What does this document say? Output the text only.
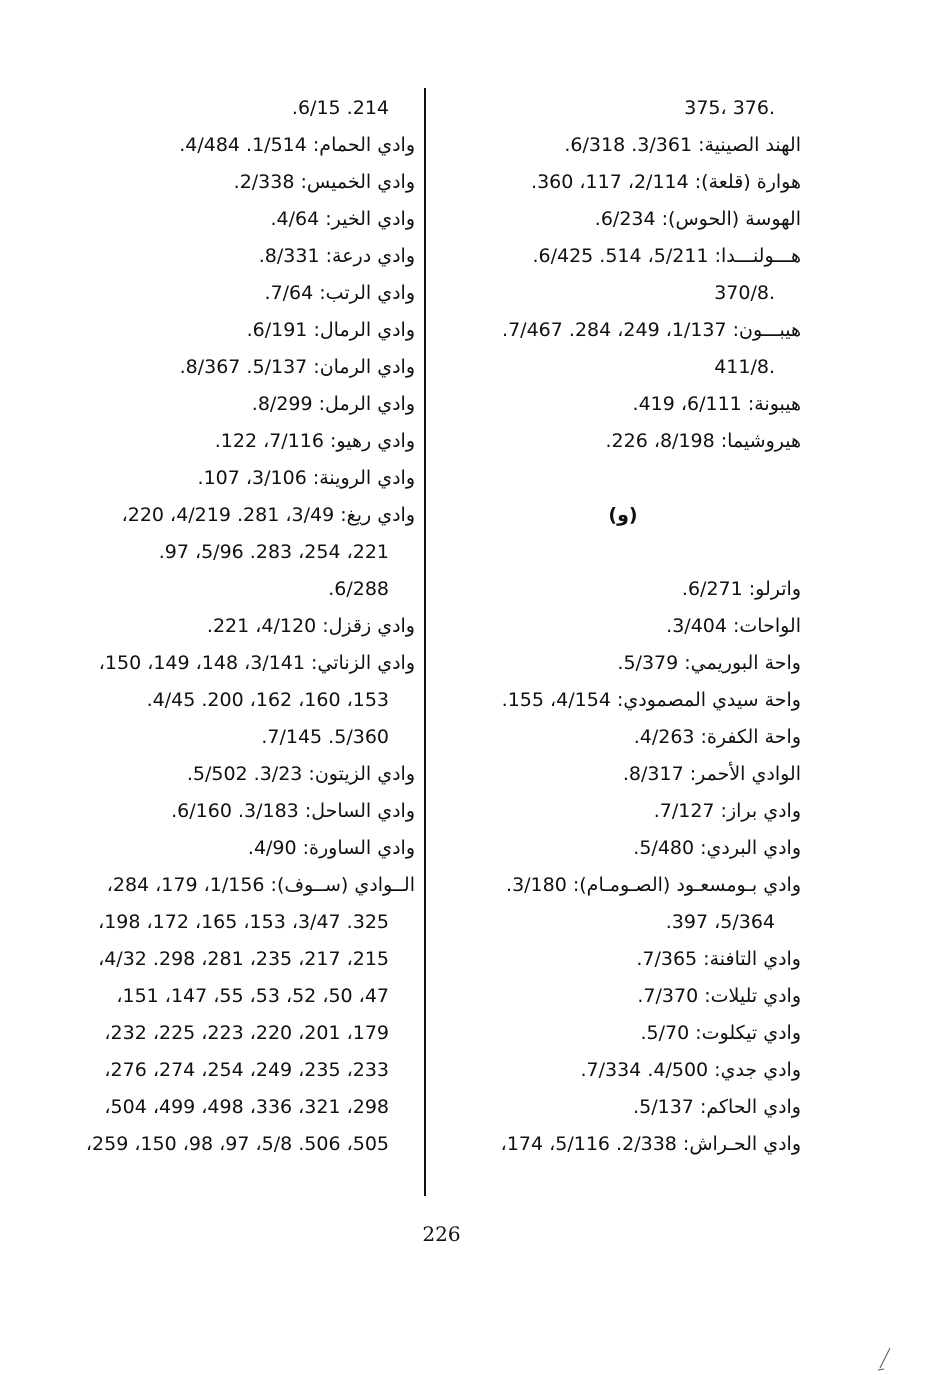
.376 ،375
الهند الصينية: 3/361. 6/318.
هوارة (قلعة): 2/114، 117، 360.
الهوسة (الحوس): 6/234.
هـــولنـــدا: 5/211، 514. 6/425.
.370/8
هيبـــون: 1/137، 249، 284. 7/467.
.411/8
هيبونة: 6/111، 419.
هيروشيما: 8/198، 226.
(و)
واترلو: 6/271.
الواحات: 3/404.
واحة البوريمي: 5/379.
واحة سيدي المصمودي: 4/154، 155.
واحة الكفرة: 4/263.
الوادي الأحمر: 8/317.
وادي براز: 7/127.
وادي البردي: 5/480.
وادي بـومسعـود (الصـومـام): 3/180.
5/364، 397.
وادي التافنة: 7/365.
وادي تليلات: 7/370.
وادي تيكلوت: 5/70.
وادي جدي: 4/500. 7/334.
وادي الحاكم: 5/137.
وادي الحـراش: 2/338. 5/116، 174،
214. 6/15.
وادي الحمام: 1/514. 4/484.
وادي الخميس: 2/338.
وادي الخير: 4/64.
وادي درعة: 8/331.
وادي الرتب: 7/64.
وادي الرمال: 6/191.
وادي الرمان: 5/137. 8/367.
وادي الرمل: 8/299.
وادي رهيو: 7/116، 122.
وادي الروينة: 3/106، 107.
وادي ريغ: 3/49، 281. 4/219، 220،
221، 254، 283. 5/96، 97.
6/288.
وادي زقزل: 4/120، 221.
وادي الزناتي: 3/141، 148، 149، 150،
153، 160، 162، 200. 4/45.
5/360. 7/145.
وادي الزيتون: 3/23. 5/502.
وادي الساحل: 3/183. 6/160.
وادي الساورة: 4/90.
الــوادي (ســوف): 1/156، 179، 284،
325. 3/47، 153، 165، 172، 198،
215، 217، 235، 281، 298. 4/32،
47، 50، 52، 53، 55، 147، 151،
179، 201، 220، 223، 225، 232،
233، 235، 249، 254، 274، 276،
298، 321، 336، 498، 499، 504،
505، 506. 5/8، 97، 98، 150، 259،
226
